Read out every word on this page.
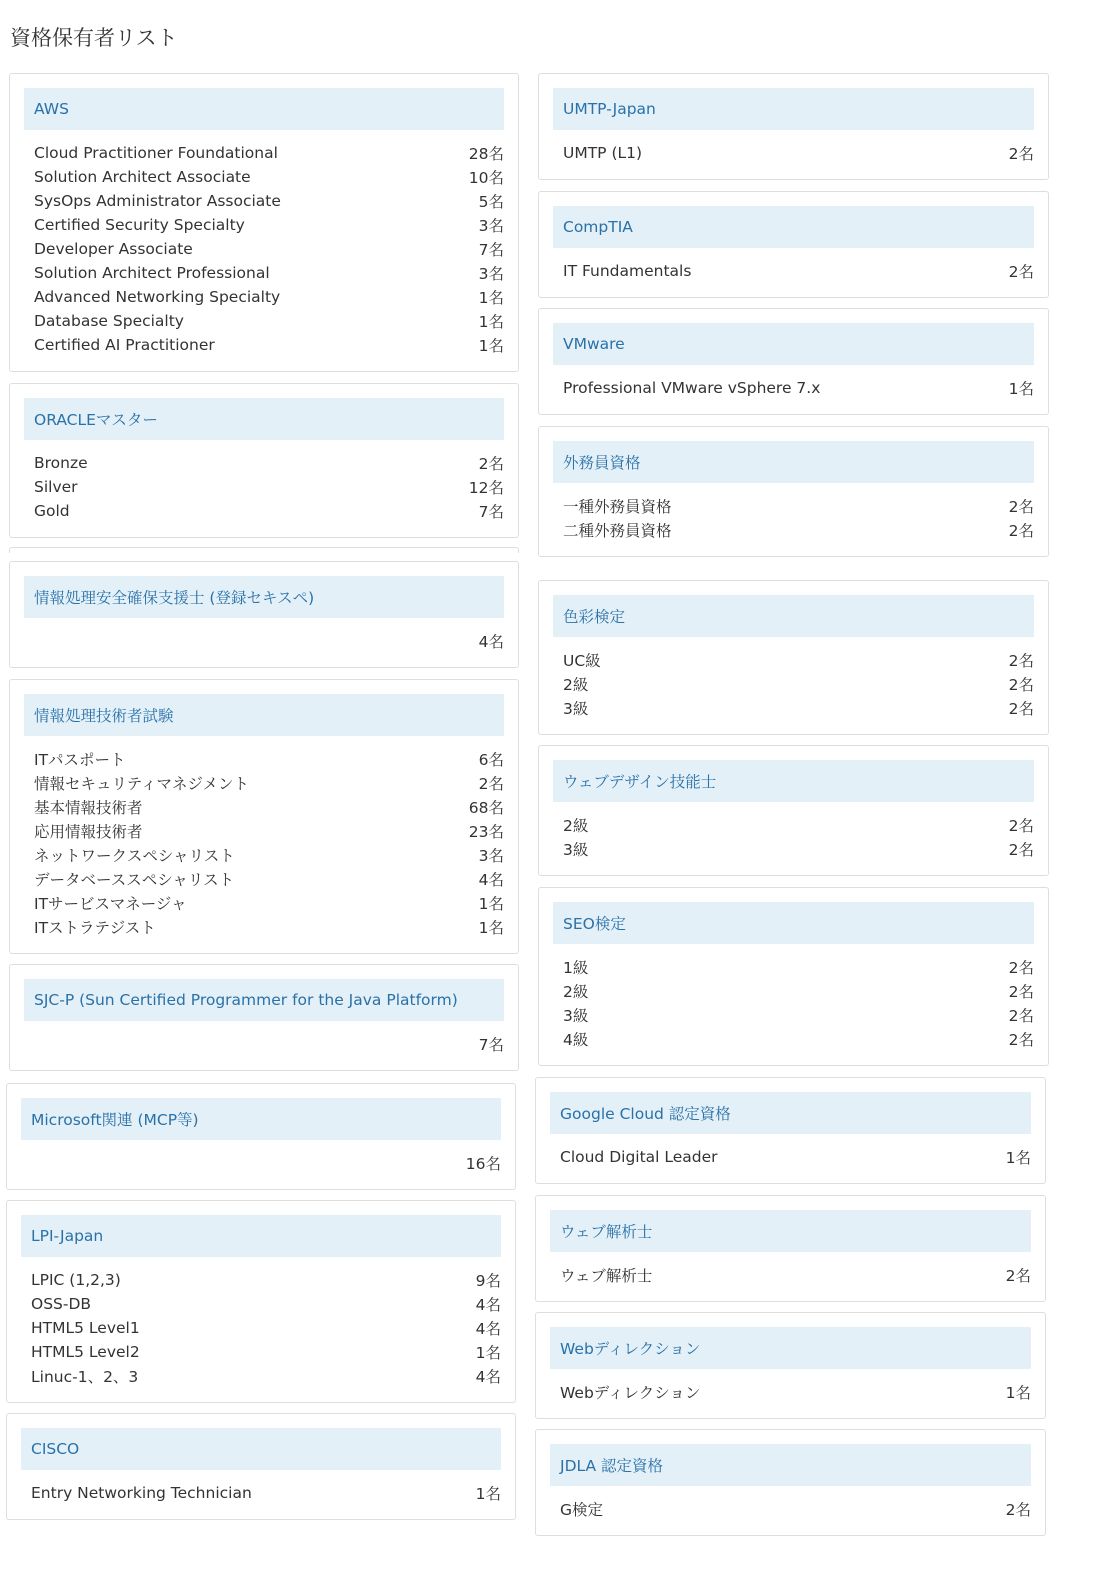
資格保有者リスト
AWS
Cloud Practitioner Foundational	28名
Solution Architect Associate	10名
SysOps Administrator Associate	5名
Certified Security Specialty	3名
Developer Associate	7名
Solution Architect Professional	3名
Advanced Networking Specialty	1名
Database Specialty	1名
Certified AI Practitioner	1名
ORACLEマスター
Bronze	2名
Silver	12名
Gold	7名
情報処理安全確保支援士 (登録セキスペ)
4名
情報処理技術者試験
ITパスポート	6名
情報セキュリティマネジメント	2名
基本情報技術者	68名
応用情報技術者	23名
ネットワークスペシャリスト	3名
データベーススペシャリスト	4名
ITサービスマネージャ	1名
ITストラテジスト	1名
SJC-P (Sun Certified Programmer for the Java Platform)
7名
Microsoft関連 (MCP等)
16名
LPI-Japan
LPIC (1,2,3)	9名
OSS-DB	4名
HTML5 Level1	4名
HTML5 Level2	1名
Linuc-1、2、3	4名
CISCO
Entry Networking Technician	1名
UMTP-Japan
UMTP (L1)	2名
CompTIA
IT Fundamentals	2名
VMware
Professional VMware vSphere 7.x	1名
外務員資格
一種外務員資格	2名
二種外務員資格	2名
色彩検定
UC級	2名
2級	2名
3級	2名
ウェブデザイン技能士
2級	2名
3級	2名
SEO検定
1級	2名
2級	2名
3級	2名
4級	2名
Google Cloud 認定資格
Cloud Digital Leader	1名
ウェブ解析士
ウェブ解析士	2名
Webディレクション
Webディレクション	1名
JDLA 認定資格
G検定	2名
